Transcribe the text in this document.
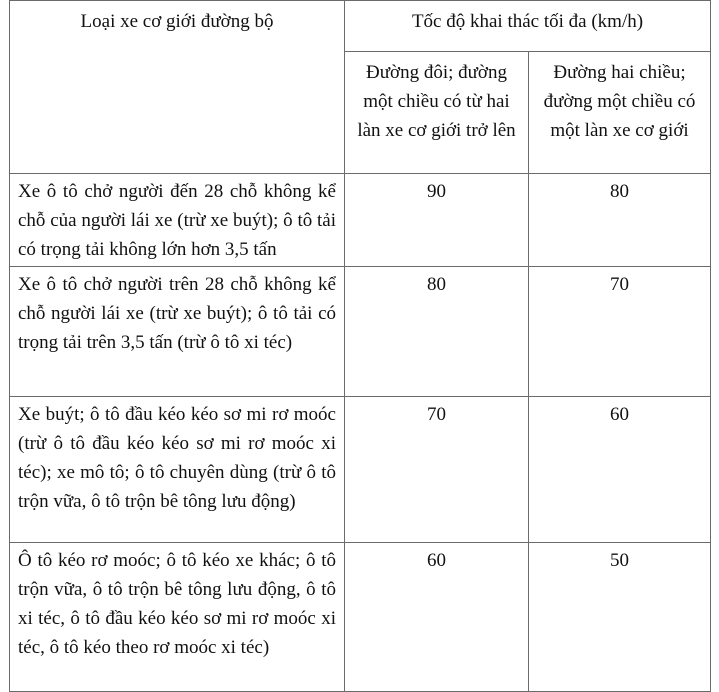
Loại xe cơ giới đường bộ	Tốc độ khai thác tối đa (km/h)	
	Đường đôi; đường một chiều có từ hai làn xe cơ giới trở lên	Đường hai chiều; đường một chiều có một làn xe cơ giới
Xe ô tô chở người đến 28 chỗ không kể chỗ của người lái xe (trừ xe buýt); ô tô tải có trọng tải không lớn hơn 3,5 tấn	90	80
Xe ô tô chở người trên 28 chỗ không kể chỗ người lái xe (trừ xe buýt); ô tô tải có trọng tải trên 3,5 tấn (trừ ô tô xi téc)	80	70
Xe buýt; ô tô đầu kéo kéo sơ mi rơ moóc (trừ ô tô đầu kéo kéo sơ mi rơ moóc xi téc); xe mô tô; ô tô chuyên dùng (trừ ô tô trộn vữa, ô tô trộn bê tông lưu động)	70	60
Ô tô kéo rơ moóc; ô tô kéo xe khác; ô tô trộn vữa, ô tô trộn bê tông lưu động, ô tô xi téc, ô tô đầu kéo kéo sơ mi rơ moóc xi téc, ô tô kéo theo rơ moóc xi téc)	60	50
